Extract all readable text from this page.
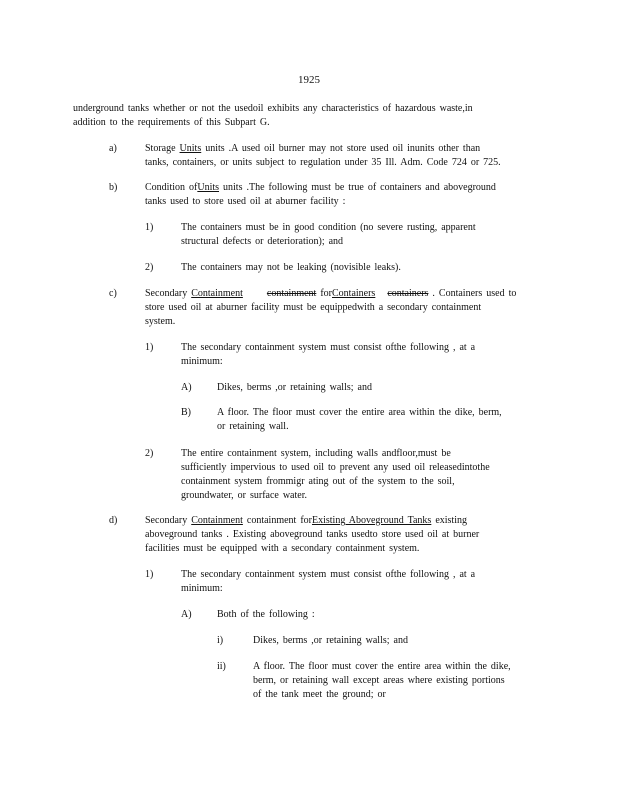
1925
underground tanks whether or not the usedoil exhibits any characteristics of hazardous waste,in
addition to the requirements of this Subpart G.
a)	Storage Units units .A used oil burner may not store used oil inunits other than
tanks, containers, or units subject to regulation under 35 Ill. Adm. Code 724 or 725.
b)	Condition ofUnits units .The following must be true of containers and aboveground
tanks used to store used oil at aburner facility :
1)	The containers must be in good condition (no severe rusting, apparent
structural defects or deterioration); and
2)	The containers may not be leaking (novisible leaks).
c)	Secondary Containment containment forContainers containers . Containers used to
store used oil at aburner facility must be equippedwith a secondary containment
system.
1)	The secondary containment system must consist ofthe following , at a
minimum:
A)	Dikes, berms ,or retaining walls; and
B)	A floor. The floor must cover the entire area within the dike, berm,
or retaining wall.
2)	The entire containment system, including walls andfloor,must be
sufficiently impervious to used oil to prevent any used oil releasedintothe
containment system frommigr ating out of the system to the soil,
groundwater, or surface water.
d)	Secondary Containment containment forExisting Aboveground Tanks existing
aboveground tanks . Existing aboveground tanks usedto store used oil at burner
facilities must be equipped with a secondary containment system.
1)	The secondary containment system must consist ofthe following , at a
minimum:
A)	Both of the following :
i)	Dikes, berms ,or retaining walls; and
ii)	A floor. The floor must cover the entire area within the dike,
berm, or retaining wall except areas where existing portions
of the tank meet the ground; or
